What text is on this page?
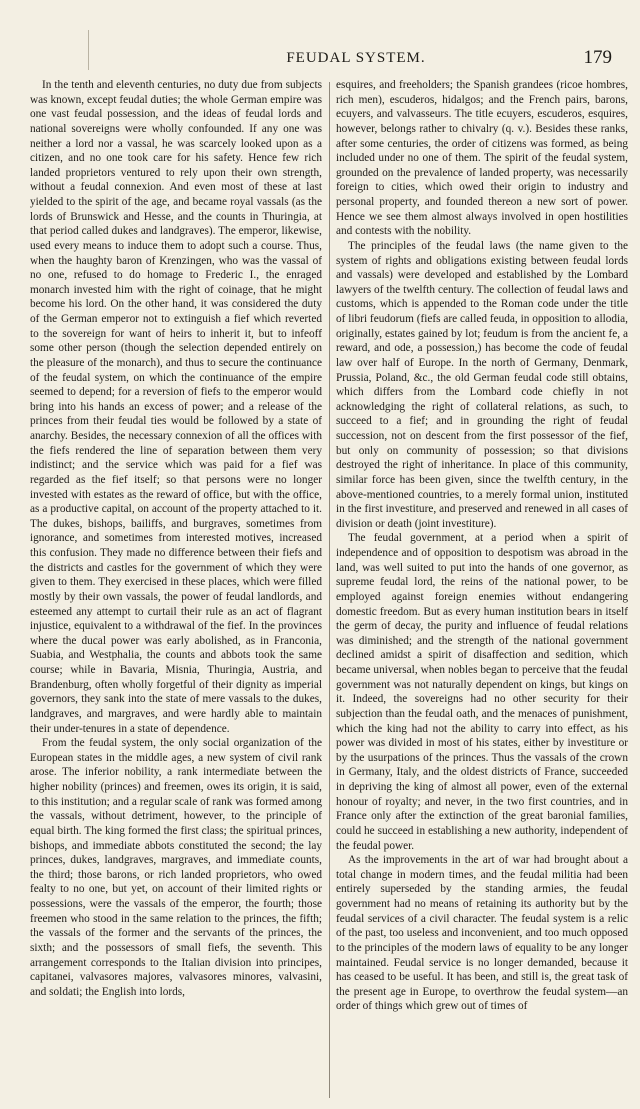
FEUDAL SYSTEM.	179

In the tenth and eleventh centuries, no duty due from subjects was known, except feudal duties; the whole German empire was one vast feudal possession, and the ideas of feudal lords and national sovereigns were wholly confounded. If any one was neither a lord nor a vassal, he was scarcely looked upon as a citizen, and no one took care for his safety. Hence few rich landed proprietors ventured to rely upon their own strength, without a feudal connexion. And even most of these at last yielded to the spirit of the age, and became royal vassals (as the lords of Brunswick and Hesse, and the counts in Thuringia, at that period called dukes and landgraves). The emperor, likewise, used every means to induce them to adopt such a course. Thus, when the haughty baron of Krenzingen, who was the vassal of no one, refused to do homage to Frederic I., the enraged monarch invested him with the right of coinage, that he might become his lord. On the other hand, it was considered the duty of the German emperor not to extinguish a fief which reverted to the sovereign for want of heirs to inherit it, but to infeoff some other person (though the selection depended entirely on the pleasure of the monarch), and thus to secure the continuance of the feudal system, on which the continuance of the empire seemed to depend; for a reversion of fiefs to the emperor would bring into his hands an excess of power; and a release of the princes from their feudal ties would be followed by a state of anarchy. Besides, the necessary connexion of all the offices with the fiefs rendered the line of separation between them very indistinct; and the service which was paid for a fief was regarded as the fief itself; so that persons were no longer invested with estates as the reward of office, but with the office, as a productive capital, on account of the property attached to it. The dukes, bishops, bailiffs, and burgraves, sometimes from ignorance, and sometimes from interested motives, increased this confusion. They made no difference between their fiefs and the districts and castles for the government of which they were given to them. They exercised in these places, which were filled mostly by their own vassals, the power of feudal landlords, and esteemed any attempt to curtail their rule as an act of flagrant injustice, equivalent to a withdrawal of the fief. In the provinces where the ducal power was early abolished, as in Franconia, Suabia, and Westphalia, the counts and abbots took the same course; while in Bavaria, Misnia, Thuringia, Austria, and Brandenburg, often wholly forgetful of their dignity as imperial governors, they sank into the state of mere vassals to the dukes, landgraves, and margraves, and were hardly able to maintain their under-tenures in a state of dependence.

From the feudal system, the only social organization of the European states in the middle ages, a new system of civil rank arose. The inferior nobility, a rank intermediate between the higher nobility (princes) and freemen, owes its origin, it is said, to this institution; and a regular scale of rank was formed among the vassals, without detriment, however, to the principle of equal birth. The king formed the first class; the spiritual princes, bishops, and immediate abbots constituted the second; the lay princes, dukes, landgraves, margraves, and immediate counts, the third; those barons, or rich landed proprietors, who owed fealty to no one, but yet, on account of their limited rights or possessions, were the vassals of the emperor, the fourth; those freemen who stood in the same relation to the princes, the fifth; the vassals of the former and the servants of the princes, the sixth; and the possessors of small fiefs, the seventh. This arrangement corresponds to the Italian division into principes, capitanei, valvasores majores, valvasores minores, valvasini, and soldati; the English into lords,

esquires, and freeholders; the Spanish grandees (ricoe hombres, rich men), escuderos, hidalgos; and the French pairs, barons, ecuyers, and valvasseurs. The title ecuyers, escuderos, esquires, however, belongs rather to chivalry (q. v.). Besides these ranks, after some centuries, the order of citizens was formed, as being included under no one of them. The spirit of the feudal system, grounded on the prevalence of landed property, was necessarily foreign to cities, which owed their origin to industry and personal property, and founded thereon a new sort of power. Hence we see them almost always involved in open hostilities and contests with the nobility.

The principles of the feudal laws (the name given to the system of rights and obligations existing between feudal lords and vassals) were developed and established by the Lombard lawyers of the twelfth century. The collection of feudal laws and customs, which is appended to the Roman code under the title of libri feudorum (fiefs are called feuda, in opposition to allodia, originally, estates gained by lot; feudum is from the ancient fe, a reward, and ode, a possession,) has become the code of feudal law over half of Europe. In the north of Germany, Denmark, Prussia, Poland, &c., the old German feudal code still obtains, which differs from the Lombard code chiefly in not acknowledging the right of collateral relations, as such, to succeed to a fief; and in grounding the right of feudal succession, not on descent from the first possessor of the fief, but only on community of possession; so that divisions destroyed the right of inheritance. In place of this community, similar force has been given, since the twelfth century, in the above-mentioned countries, to a merely formal union, instituted in the first investiture, and preserved and renewed in all cases of division or death (joint investiture).

The feudal government, at a period when a spirit of independence and of opposition to despotism was abroad in the land, was well suited to put into the hands of one governor, as supreme feudal lord, the reins of the national power, to be employed against foreign enemies without endangering domestic freedom. But as every human institution bears in itself the germ of decay, the purity and influence of feudal relations was diminished; and the strength of the national government declined amidst a spirit of disaffection and sedition, which became universal, when nobles began to perceive that the feudal government was not naturally dependent on kings, but kings on it. Indeed, the sovereigns had no other security for their subjection than the feudal oath, and the menaces of punishment, which the king had not the ability to carry into effect, as his power was divided in most of his states, either by investiture or by the usurpations of the princes. Thus the vassals of the crown in Germany, Italy, and the oldest districts of France, succeeded in depriving the king of almost all power, even of the external honour of royalty; and never, in the two first countries, and in France only after the extinction of the great baronial families, could he succeed in establishing a new authority, independent of the feudal power.

As the improvements in the art of war had brought about a total change in modern times, and the feudal militia had been entirely superseded by the standing armies, the feudal government had no means of retaining its authority but by the feudal services of a civil character. The feudal system is a relic of the past, too useless and inconvenient, and too much opposed to the principles of the modern laws of equality to be any longer maintained. Feudal service is no longer demanded, because it has ceased to be useful. It has been, and still is, the great task of the present age in Europe, to overthrow the feudal system—an order of things which grew out of times of
